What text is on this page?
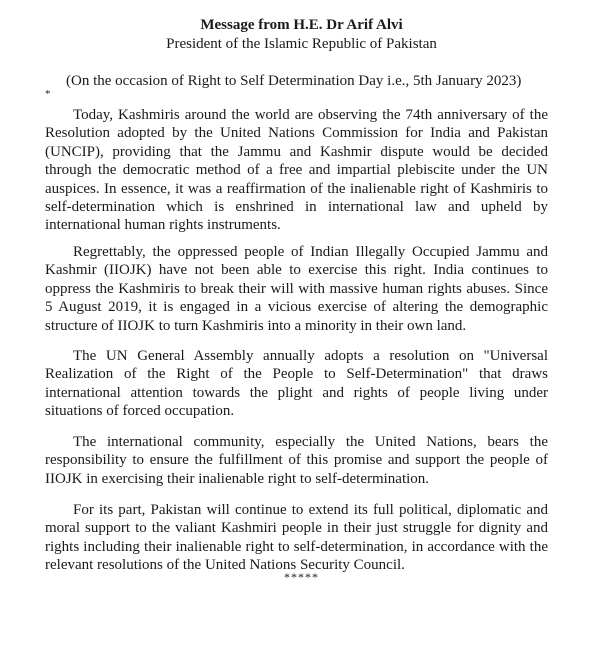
Message from H.E. Dr Arif Alvi
President of the Islamic Republic of Pakistan
(On the occasion of Right to Self Determination Day i.e., 5th January 2023)
*

Today, Kashmiris around the world are observing the 74th anniversary of the Resolution adopted by the United Nations Commission for India and Pakistan (UNCIP), providing that the Jammu and Kashmir dispute would be decided through the democratic method of a free and impartial plebiscite under the UN auspices. In essence, it was a reaffirmation of the inalienable right of Kashmiris to self-determination which is enshrined in international law and upheld by international human rights instruments.

Regrettably, the oppressed people of Indian Illegally Occupied Jammu and Kashmir (IIOJK) have not been able to exercise this right. India continues to oppress the Kashmiris to break their will with massive human rights abuses. Since 5 August 2019, it is engaged in a vicious exercise of altering the demographic structure of IIOJK to turn Kashmiris into a minority in their own land.

The UN General Assembly annually adopts a resolution on "Universal Realization of the Right of the People to Self-Determination" that draws international attention towards the plight and rights of people living under situations of forced occupation.

The international community, especially the United Nations, bears the responsibility to ensure the fulfillment of this promise and support the people of IIOJK in exercising their inalienable right to self-determination.

For its part, Pakistan will continue to extend its full political, diplomatic and moral support to the valiant Kashmiri people in their just struggle for dignity and rights including their inalienable right to self-determination, in accordance with the relevant resolutions of the United Nations Security Council.

*****
